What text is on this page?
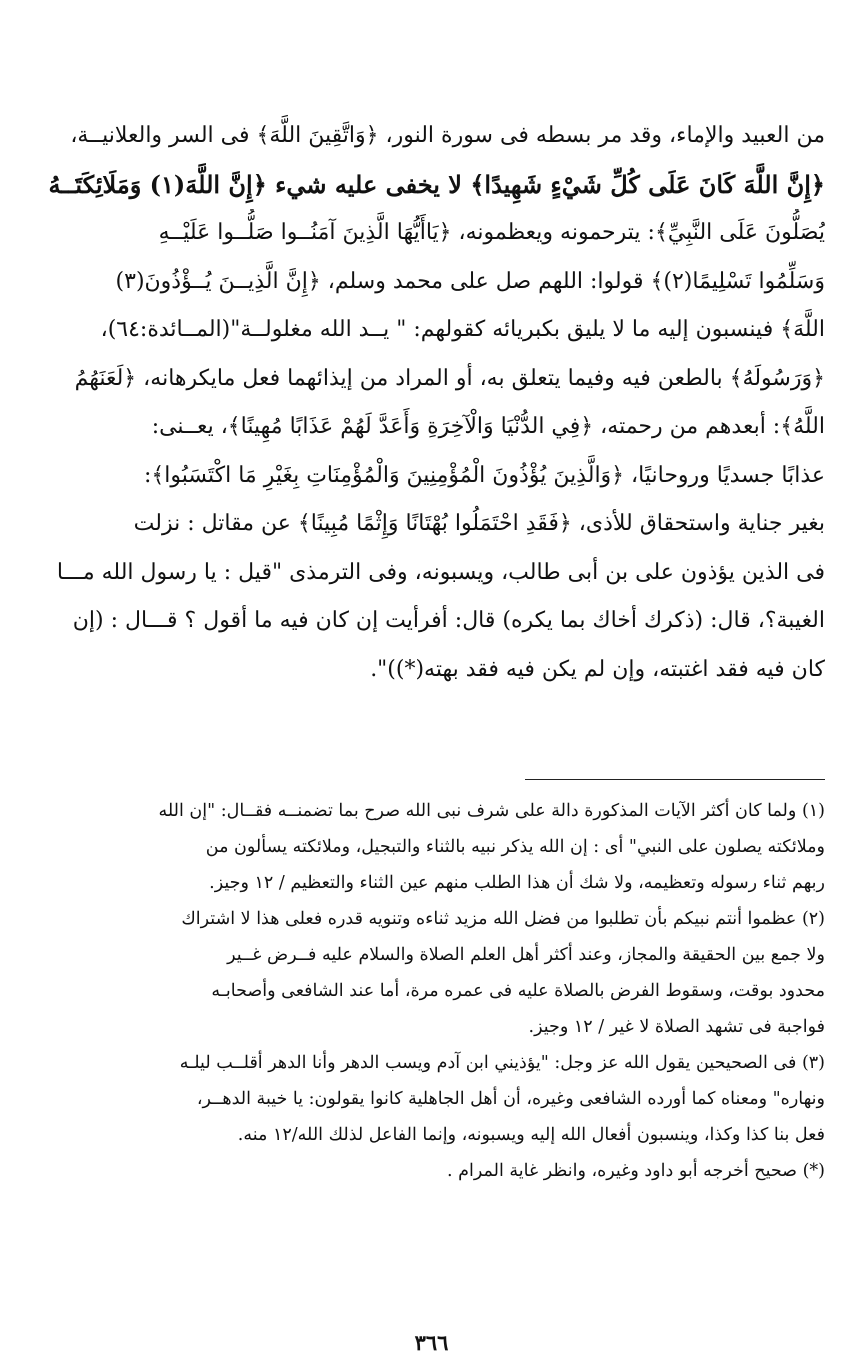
من العبيد والإماء، وقد مر بسطه فى سورة النور، ﴿وَاتَّقِينَ اللَّهَ﴾ فى السر والعلانيــة،
﴿إِنَّ اللَّهَ كَانَ عَلَى كُلِّ شَيْءٍ شَهِيدًا﴾ لا يخفى عليه شيء ﴿إِنَّ اللَّهَ(١) وَمَلَائِكَتَــهُ
يُصَلُّونَ عَلَى النَّبِيِّ﴾: يترحمونه ويعظمونه، ﴿يَاأَيُّهَا الَّذِينَ آمَنُــوا صَلُّــوا عَلَيْــهِ
وَسَلِّمُوا تَسْلِيمًا(٢)﴾ قولوا: اللهم صل على محمد وسلم، ﴿إِنَّ الَّذِيــنَ يُــؤْذُونَ(٣)
اللَّهَ﴾ فينسبون إليه ما لا يليق بكبريائه كقولهم: " يــد الله مغلولــة"(المــائدة:٦٤)،
﴿وَرَسُولَهُ﴾ بالطعن فيه وفيما يتعلق به، أو المراد من إيذائهما فعل مايكرهانه، ﴿لَعَنَهُمُ
اللَّهُ﴾: أبعدهم من رحمته، ﴿فِي الدُّنْيَا وَالْآخِرَةِ وَأَعَدَّ لَهُمْ عَذَابًا مُهِينًا﴾، يعــنى:
عذابًا جسديًا وروحانيًا، ﴿وَالَّذِينَ يُؤْذُونَ الْمُؤْمِنِينَ وَالْمُؤْمِنَاتِ بِغَيْرِ مَا اكْتَسَبُوا﴾:
بغير جناية واستحقاق للأذى، ﴿فَقَدِ احْتَمَلُوا بُهْتَانًا وَإِثْمًا مُبِينًا﴾ عن مقاتل : نزلت
فى الذين يؤذون على بن أبى طالب، ويسبونه، وفى الترمذى "قيل : يا رسول الله مـــا
الغيبة؟، قال: (ذكرك أخاك بما يكره) قال: أفرأيت إن كان فيه ما أقول ؟ قـــال : (إن
كان فيه فقد اغتبته، وإن لم يكن فيه فقد بهته(*))".
(١) ولما كان أكثر الآيات المذكورة دالة على شرف نبى الله صرح بما تضمنــه فقــال: "إن الله
وملائكته يصلون على النبي" أى : إن الله يذكر نبيه بالثناء والتبجيل، وملائكته يسألون من
ربهم ثناء رسوله وتعظيمه، ولا شك أن هذا الطلب منهم عين الثناء والتعظيم / ١٢ وجيز.
(٢) عظموا أنتم نبيكم بأن تطلبوا من فضل الله مزيد ثناءه وتنويه قدره فعلى هذا لا اشتراك
ولا جمع بين الحقيقة والمجاز، وعند أكثر أهل العلم الصلاة والسلام عليه فــرض غــير
محدود بوقت، وسقوط الفرض بالصلاة عليه فى عمره مرة، أما عند الشافعى وأصحابـه
فواجبة فى تشهد الصلاة لا غير / ١٢ وجيز.
(٣) فى الصحيحين يقول الله عز وجل: "يؤذيني ابن آدم ويسب الدهر وأنا الدهر أقلــب ليلـه
ونهاره" ومعناه كما أورده الشافعى وغيره، أن أهل الجاهلية كانوا يقولون: يا خيبة الدهــر،
فعل بنا كذا وكذا، وينسبون أفعال الله إليه ويسبونه، وإنما الفاعل لذلك الله/١٢ منه.
(*) صحيح أخرجه أبو داود وغيره، وانظر غاية المرام .
٣٦٦
